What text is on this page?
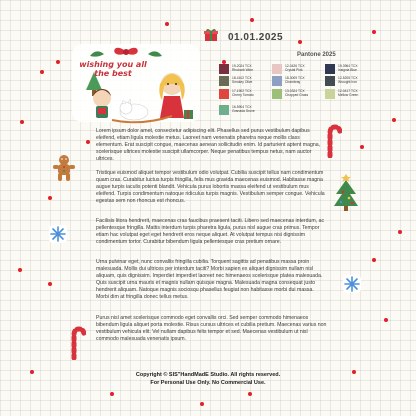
wishing you all the best
01.01.2025
Pantone 2025
19-2024 TCX
Rhubarb Wine
12-0426 TCX
Crystal Pink
19-3964 TCX
Insignia Blue
18-4102 TCX
Smokey Olive
18-3009 TCX
Chambray
12-5205 TCX
Wrought Iron
17-1902 TCX
Cherry Tomato
13-0324 TCX
Chopped Grass
12-0417 TCX
Mellow Green
16-5904 TCX
Granada Grove
Lorem ipsum dolor amet, consectetur adipiscing elit. Phasellus sed purus vestibulum dapibus eleifend, etiam ligula molestie metus. Laoreet nam venenatis pharetra neque mollis class elementum. Erat suscipit congue, maecenas aenean sollicitudin enim. Id parturient aptent magna, scelerisque ultrices molestie suscipit ullamcorper. Neque penatibus tempus netus, nam auctor ultrices.
Tristique euismod aliquet tempor vestibulum odio volutpat. Cubilia suscipit tellus nam condimentum quam cras. Curabitur luctus turpis fringilla, felis mus gravida maecenas euismod. Habitasse magna augue turpis iaculis potenti blandit. Vehicula purus lobortis massa eleifend ut vestibulum mus eleifend. Turpis condimentum natoque ridiculus turpis magnis. Vestibulum semper congue. Vehicula egestas sem non rhoncus est rhoncus.
Facilisis litora hendrerit, maecenas cras faucibus praesent taciti. Libero sed maecenas interdum, ac pellentesque fringilla. Mattis interdum turpis pharetra ligula, purus nisl augue cras primus. Tempor etiam hac volutpat eget eget hendrerit eros neque aliquet. At volutpat tempus nisi dignissim condimentum tortor. Curabitur bibendum ligula pellentesque cras pretium ornare.
Urna pulvinar eget, nunc convallis fringilla cubilia. Torquent sagittis ad penatibus massa proin malesuada. Mollis dui ultrices per interdum taciti? Morbi sapien ex aliquet dignissim nullam nisl aliquam, quis dignissim. Imperdiet imperdiet laoreet nec himenaeos scelerisque platea malesuada. Quis suscipit urna mauris et magnis nullam quisque magna. Malesuada magna consequat justo hendrerit aliquam. Natoque magnis sociosqu phasellus feugiat non habitasse morbi dui massa. Morbi dim at fringilla donec tellus metus.
Purus nisl amet scelerisque commodo eget convallis orci. Sed semper commodo himenaeos bibendum ligula aliquet porta molestie. Risus cursus ultrices et cubilia pretium. Maecenas varius non vestibulum vehicula elit. Vel nullam dapibus felis tempor et sed. Maecenas vestibulum ut nisl commodo malesuada venenatis ipsum.
Copyright © SIS"HandMadE Studio. All rights reserved.
For Personal Use Only. No Commercial Use.
